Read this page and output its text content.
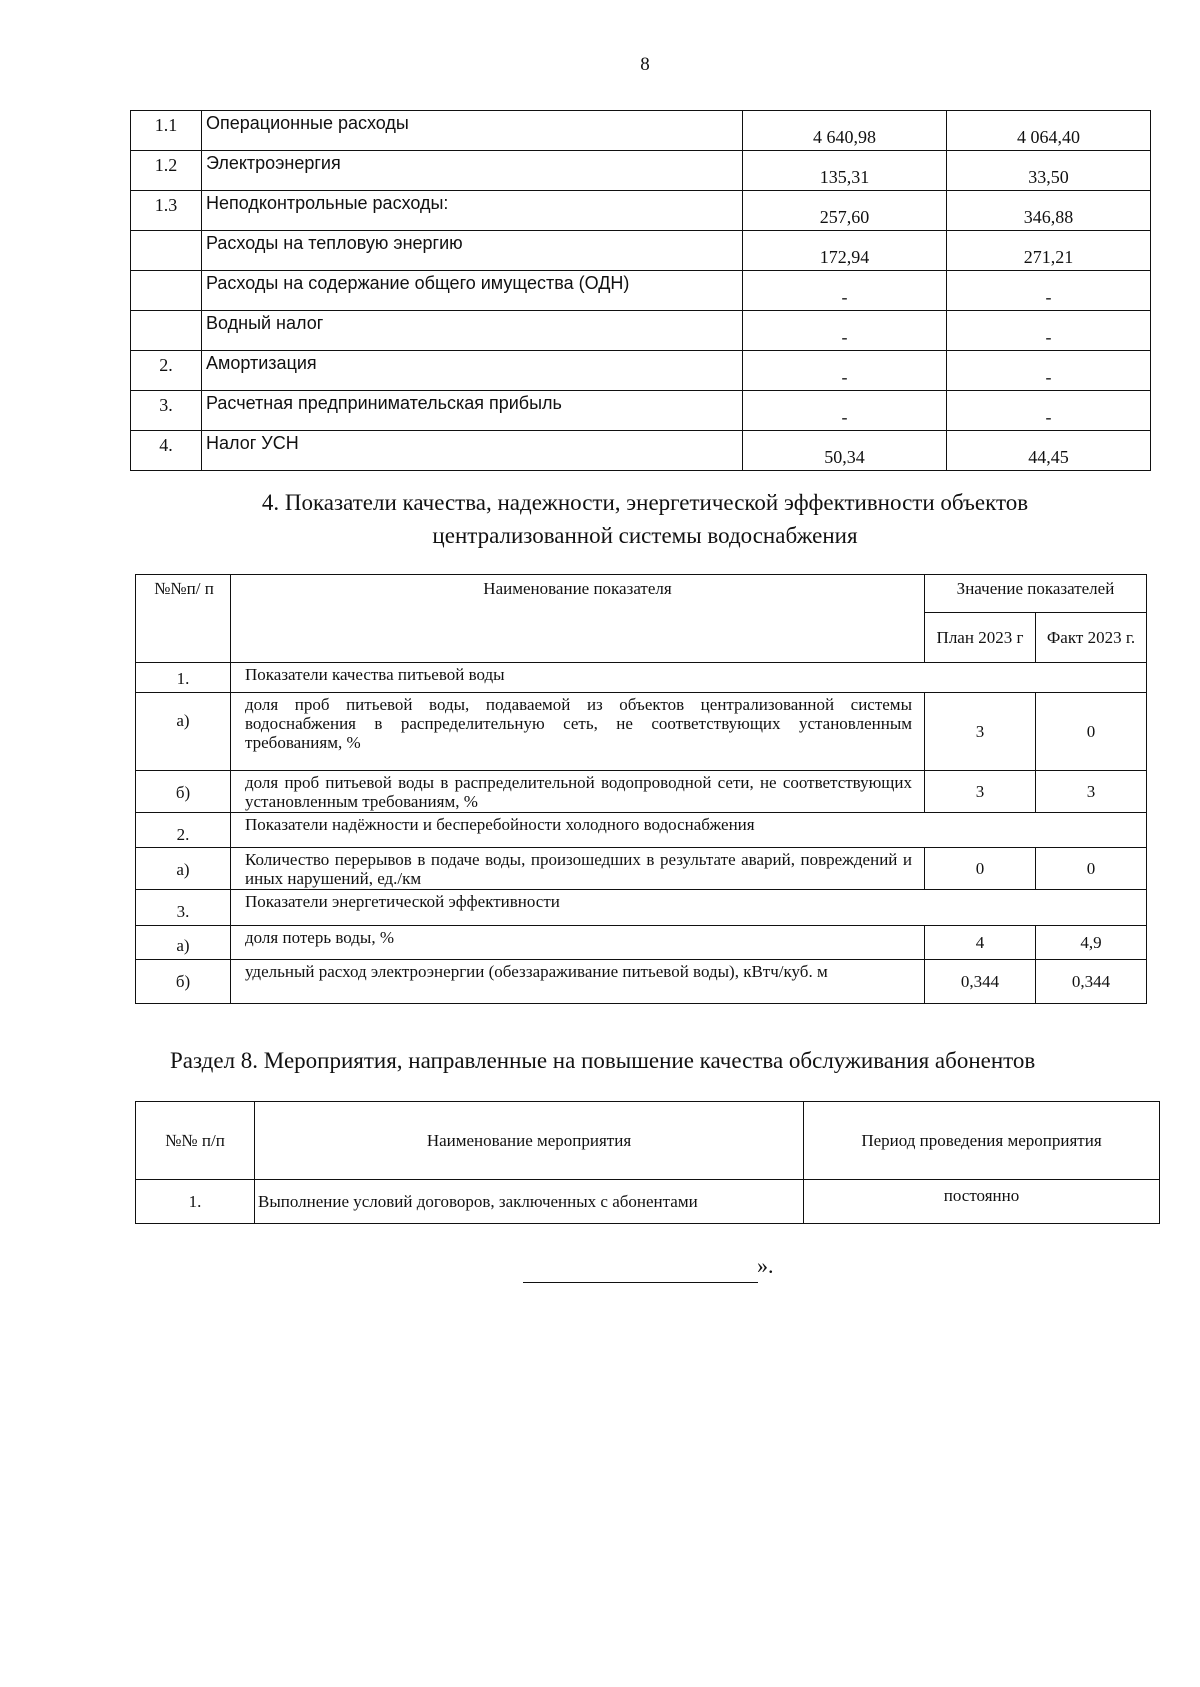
8
1.1	Операционные расходы	4 640,98	4 064,40
1.2	Электроэнергия	135,31	33,50
1.3	Неподконтрольные расходы:	257,60	346,88
	Расходы на тепловую энергию	172,94	271,21
	Расходы на содержание общего имущества (ОДН)	-	-
	Водный налог	-	-
2.	Амортизация	-	-
3.	Расчетная предпринимательская прибыль	-	-
4.	Налог УСН	50,34	44,45
4. Показатели качества, надежности, энергетической эффективности объектов
централизованной системы водоснабжения
№№п/ п	Наименование показателя	Значение показателей	
		План 2023 г	Факт 2023 г.
1.	Показатели качества питьевой воды		
а)	доля проб питьевой воды, подаваемой из объектов централизованной системы водоснабжения в распределительную сеть, не соответствующих установленным требованиям, %	3	0
б)	доля проб питьевой воды в распределительной водопроводной сети, не соответствующих установленным требованиям, %	3	3
2.	Показатели надёжности и бесперебойности холодного водоснабжения		
а)	Количество перерывов в подаче воды, произошедших в результате аварий, повреждений и иных нарушений, ед./км	0	0
3.	Показатели энергетической эффективности		
а)	доля потерь воды, %	4	4,9
б)	удельный расход электроэнергии (обеззараживание питьевой воды), кВтч/куб. м	0,344	0,344
Раздел 8. Мероприятия, направленные на повышение качества обслуживания абонентов
№№ п/п	Наименование мероприятия	Период проведения мероприятия
1.	Выполнение условий договоров, заключенных с абонентами	постоянно
».
